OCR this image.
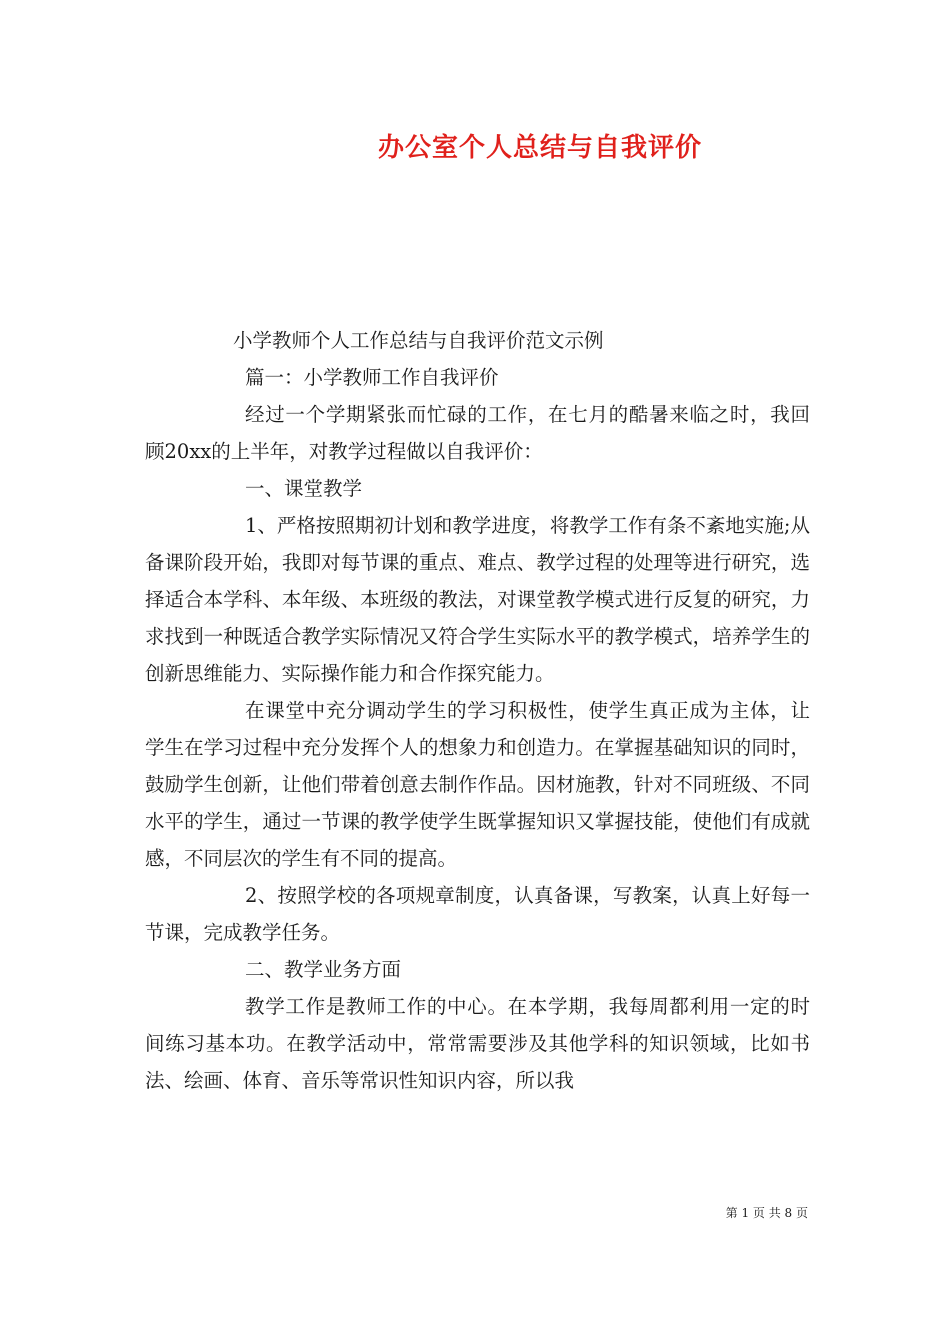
办公室个人总结与自我评价

小学教师个人工作总结与自我评价范文示例

篇一：小学教师工作自我评价

经过一个学期紧张而忙碌的工作，在七月的酷暑来临之时，我回顾20xx的上半年，对教学过程做以自我评价：

一、课堂教学

1、严格按照期初计划和教学进度，将教学工作有条不紊地实施;从备课阶段开始，我即对每节课的重点、难点、教学过程的处理等进行研究，选择适合本学科、本年级、本班级的教法，对课堂教学模式进行反复的研究，力求找到一种既适合教学实际情况又符合学生实际水平的教学模式，培养学生的创新思维能力、实际操作能力和合作探究能力。

在课堂中充分调动学生的学习积极性，使学生真正成为主体，让学生在学习过程中充分发挥个人的想象力和创造力。在掌握基础知识的同时，鼓励学生创新，让他们带着创意去制作作品。因材施教，针对不同班级、不同水平的学生，通过一节课的教学使学生既掌握知识又掌握技能，使他们有成就感，不同层次的学生有不同的提高。

2、按照学校的各项规章制度，认真备课，写教案，认真上好每一节课，完成教学任务。

二、教学业务方面

教学工作是教师工作的中心。在本学期，我每周都利用一定的时间练习基本功。在教学活动中，常常需要涉及其他学科的知识领域，比如书法、绘画、体育、音乐等常识性知识内容，所以我

第 1 页 共 8 页
